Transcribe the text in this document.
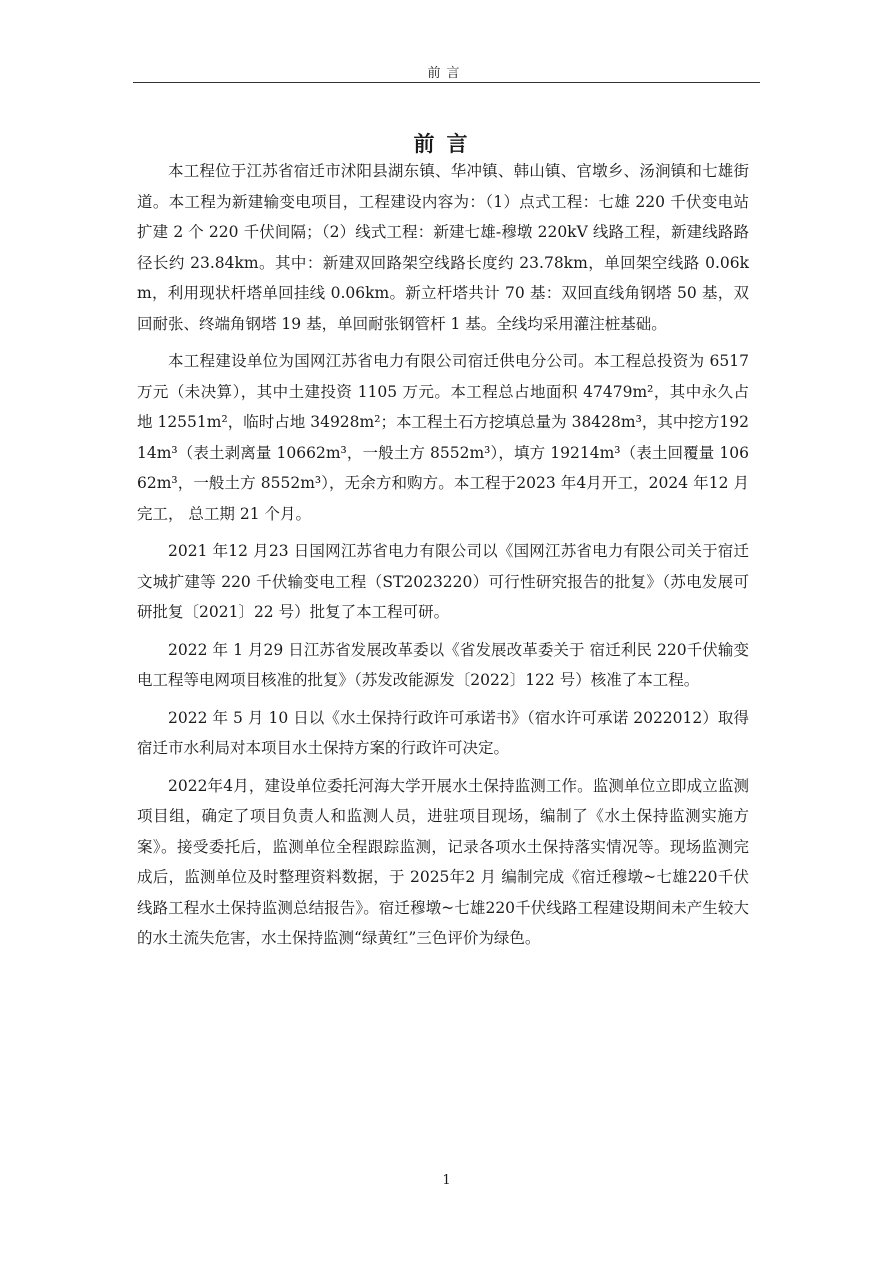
前言
前言

本工程位于江苏省宿迁市沭阳县湖东镇、华冲镇、韩山镇、官墩乡、汤涧镇和七雄街道。本工程为新建输变电项目，工程建设内容为：（1）点式工程：七雄 220 千伏变电站扩建 2 个 220 千伏间隔；（2）线式工程：新建七雄-穆墩 220kV 线路工程，新建线路路径长约 23.84km。其中：新建双回路架空线路长度约 23.78km，单回架空线路 0.06km，利用现状杆塔单回挂线 0.06km。新立杆塔共计 70 基：双回直线角钢塔 50 基，双回耐张、终端角钢塔 19 基，单回耐张钢管杆 1 基。全线均采用灌注桩基础。

本工程建设单位为国网江苏省电力有限公司宿迁供电分公司。本工程总投资为 6517 万元（未决算），其中土建投资 1105 万元。本工程总占地面积 47479m²，其中永久占地 12551m²，临时占地 34928m²；本工程土石方挖填总量为 38428m³，其中挖方19214m³（表土剥离量 10662m³，一般土方 8552m³），填方 19214m³（表土回覆量 10662m³，一般土方 8552m³），无余方和购方。本工程于2023 年4月开工，2024 年12 月完工， 总工期 21 个月。

2021 年12 月23 日国网江苏省电力有限公司以《国网江苏省电力有限公司关于宿迁文城扩建等 220 千伏输变电工程（ST2023220）可行性研究报告的批复》（苏电发展可研批复〔2021〕22 号）批复了本工程可研。

2022 年 1 月29 日江苏省发展改革委以《省发展改革委关于 宿迁利民 220千伏输变电工程等电网项目核准的批复》（苏发改能源发〔2022〕122 号）核准了本工程。

2022 年 5 月 10 日以《水土保持行政许可承诺书》（宿水许可承诺 2022012）取得宿迁市水利局对本项目水土保持方案的行政许可决定。

2022年4月，建设单位委托河海大学开展水土保持监测工作。监测单位立即成立监测项目组，确定了项目负责人和监测人员，进驻项目现场，编制了《水土保持监测实施方案》。接受委托后，监测单位全程跟踪监测，记录各项水土保持落实情况等。现场监测完成后，监测单位及时整理资料数据，于 2025年2 月 编制完成《宿迁穆墩~七雄220千伏线路工程水土保持监测总结报告》。宿迁穆墩~七雄220千伏线路工程建设期间未产生较大的水土流失危害，水土保持监测“绿黄红”三色评价为绿色。

1
